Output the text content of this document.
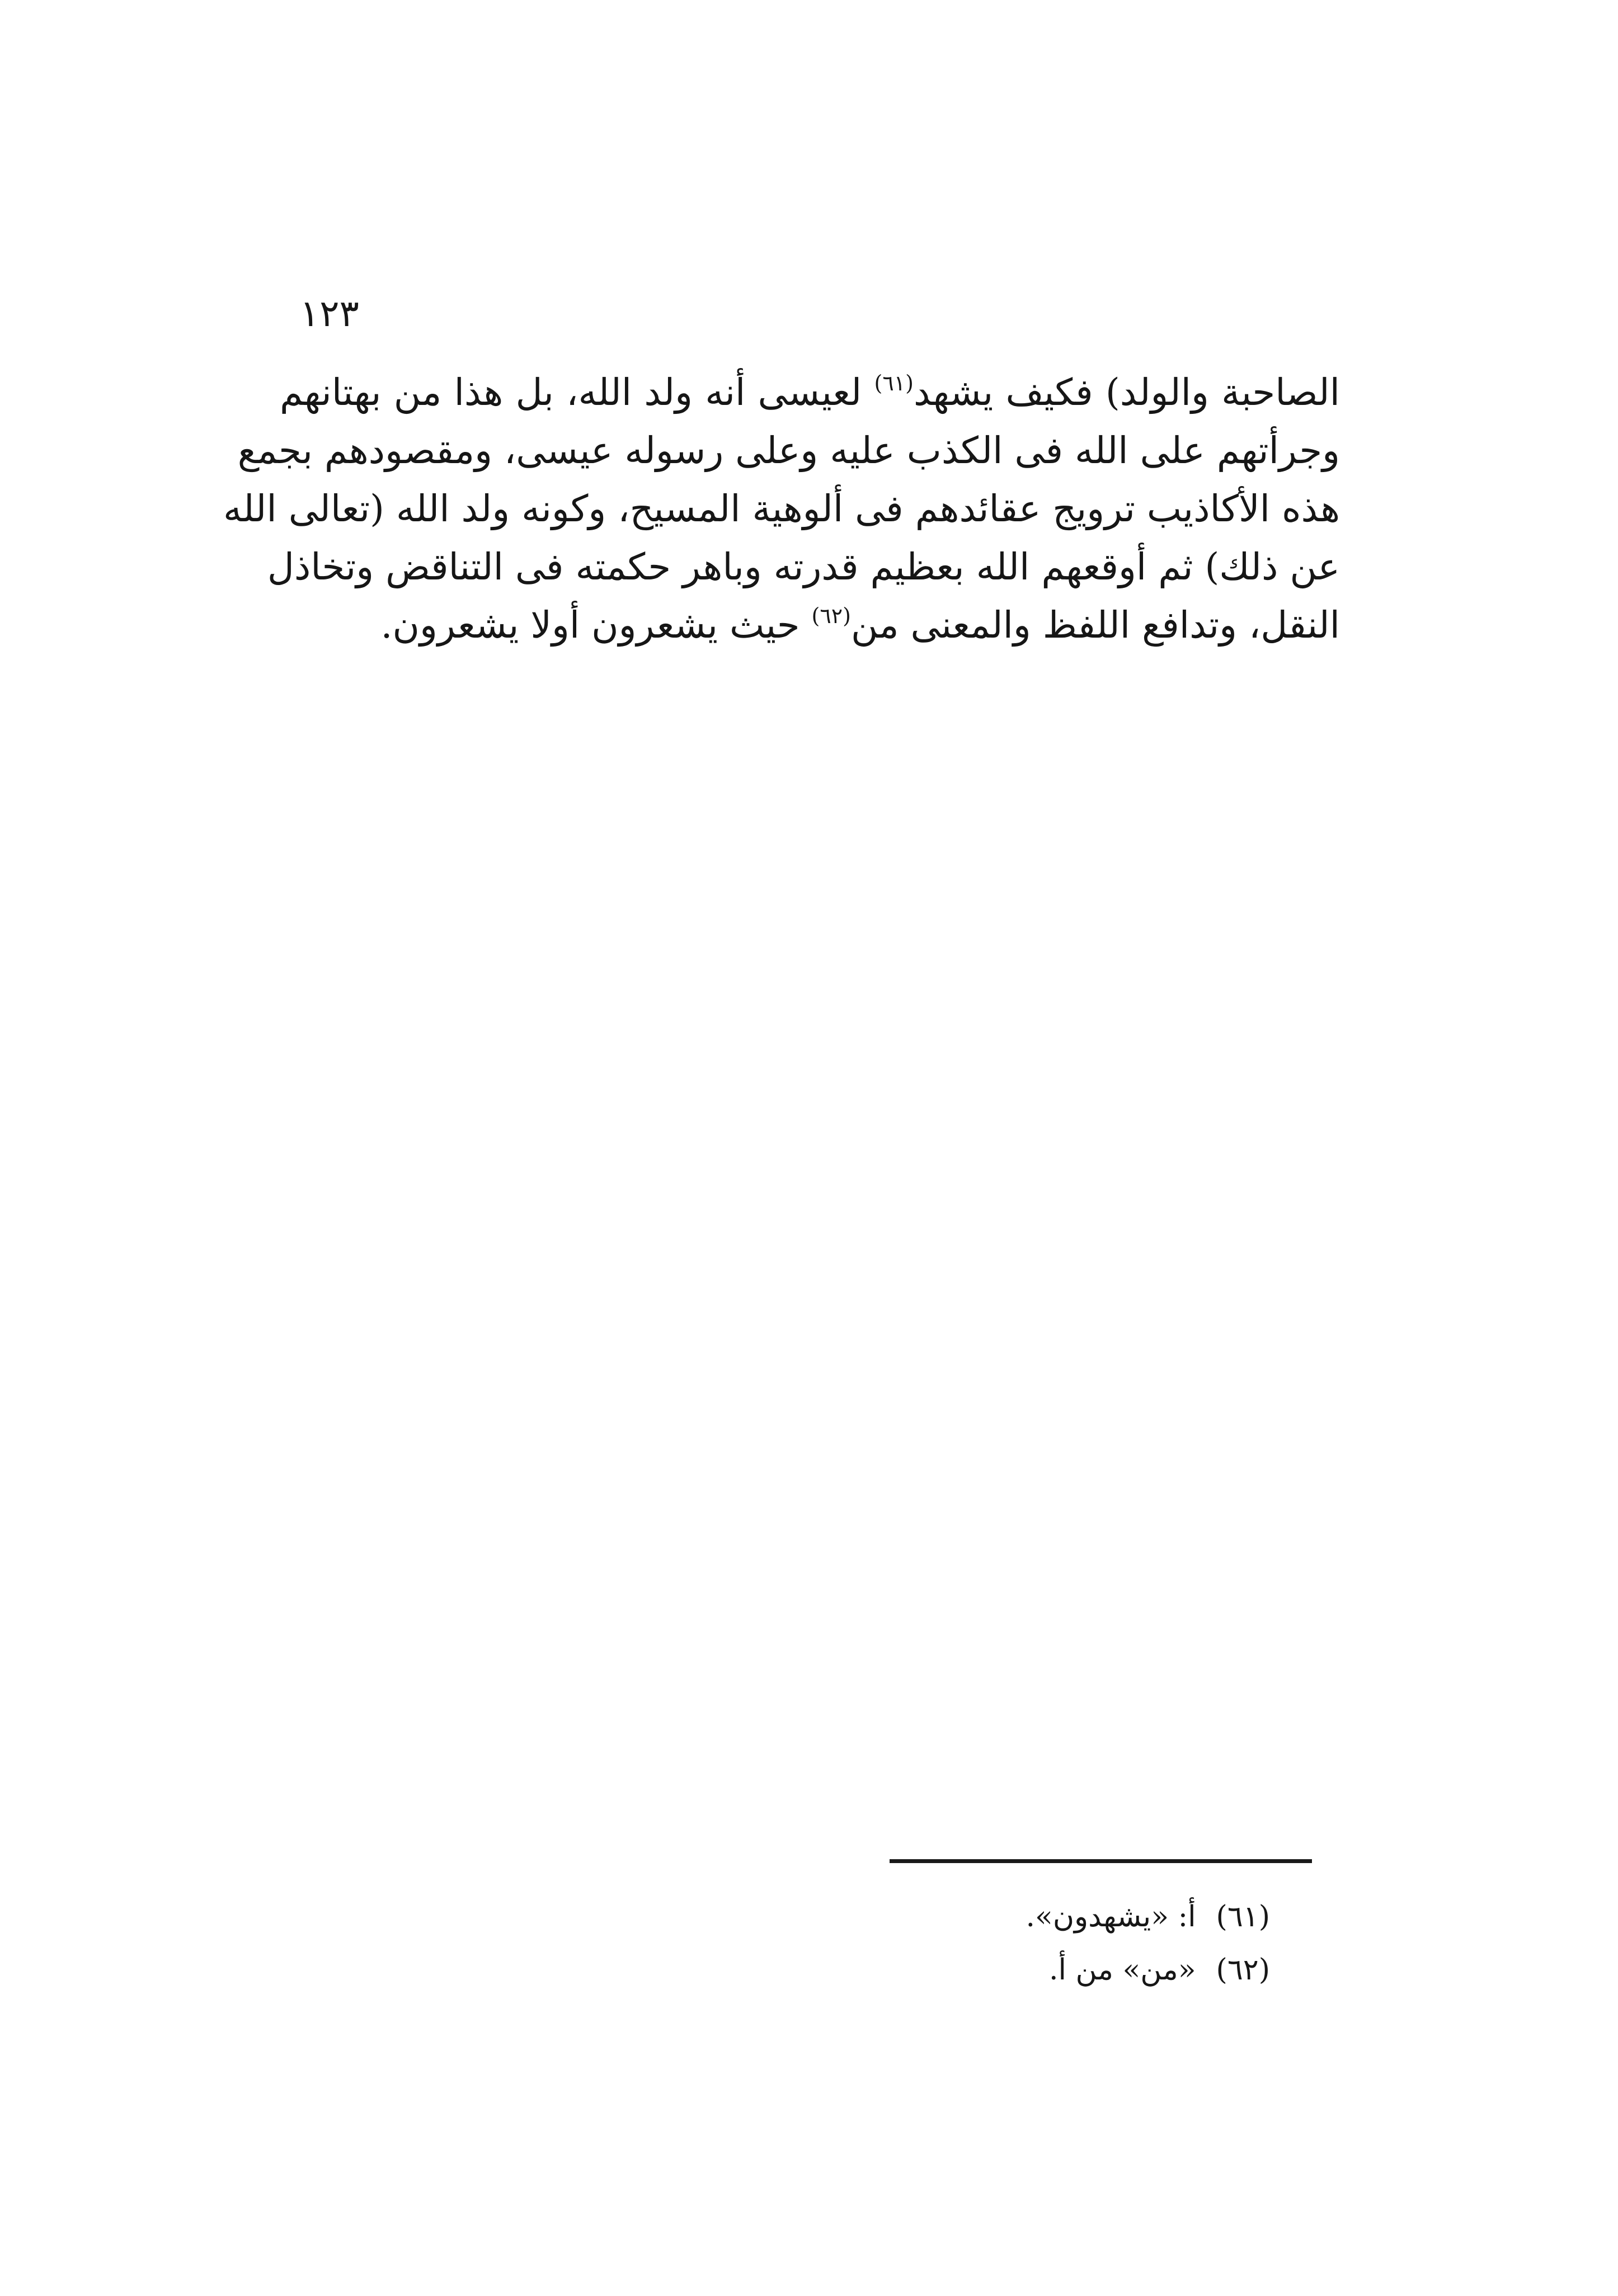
١٢٣
الصاحبة والولد) فكيف يشهد$^{(٦١)}$ لعيسى أنه ولد الله، بل هذا من بهتانهم
وجرأتهم على الله فى الكذب عليه وعلى رسوله عيسى، ومقصودهم بجمع
هذه الأكاذيب ترويج عقائدهم فى ألوهية المسيح، وكونه ولد الله (تعالى الله
عن ذلك) ثم أوقعهم الله بعظيم قدرته وباهر حكمته فى التناقض وتخاذل
النقل، وتدافع اللفظ والمعنى من$^{(٦٢)}$ حيث يشعرون أولا يشعرون.
(٦١)أ: «يشهدون».
(٦٢)«من» من أ.
